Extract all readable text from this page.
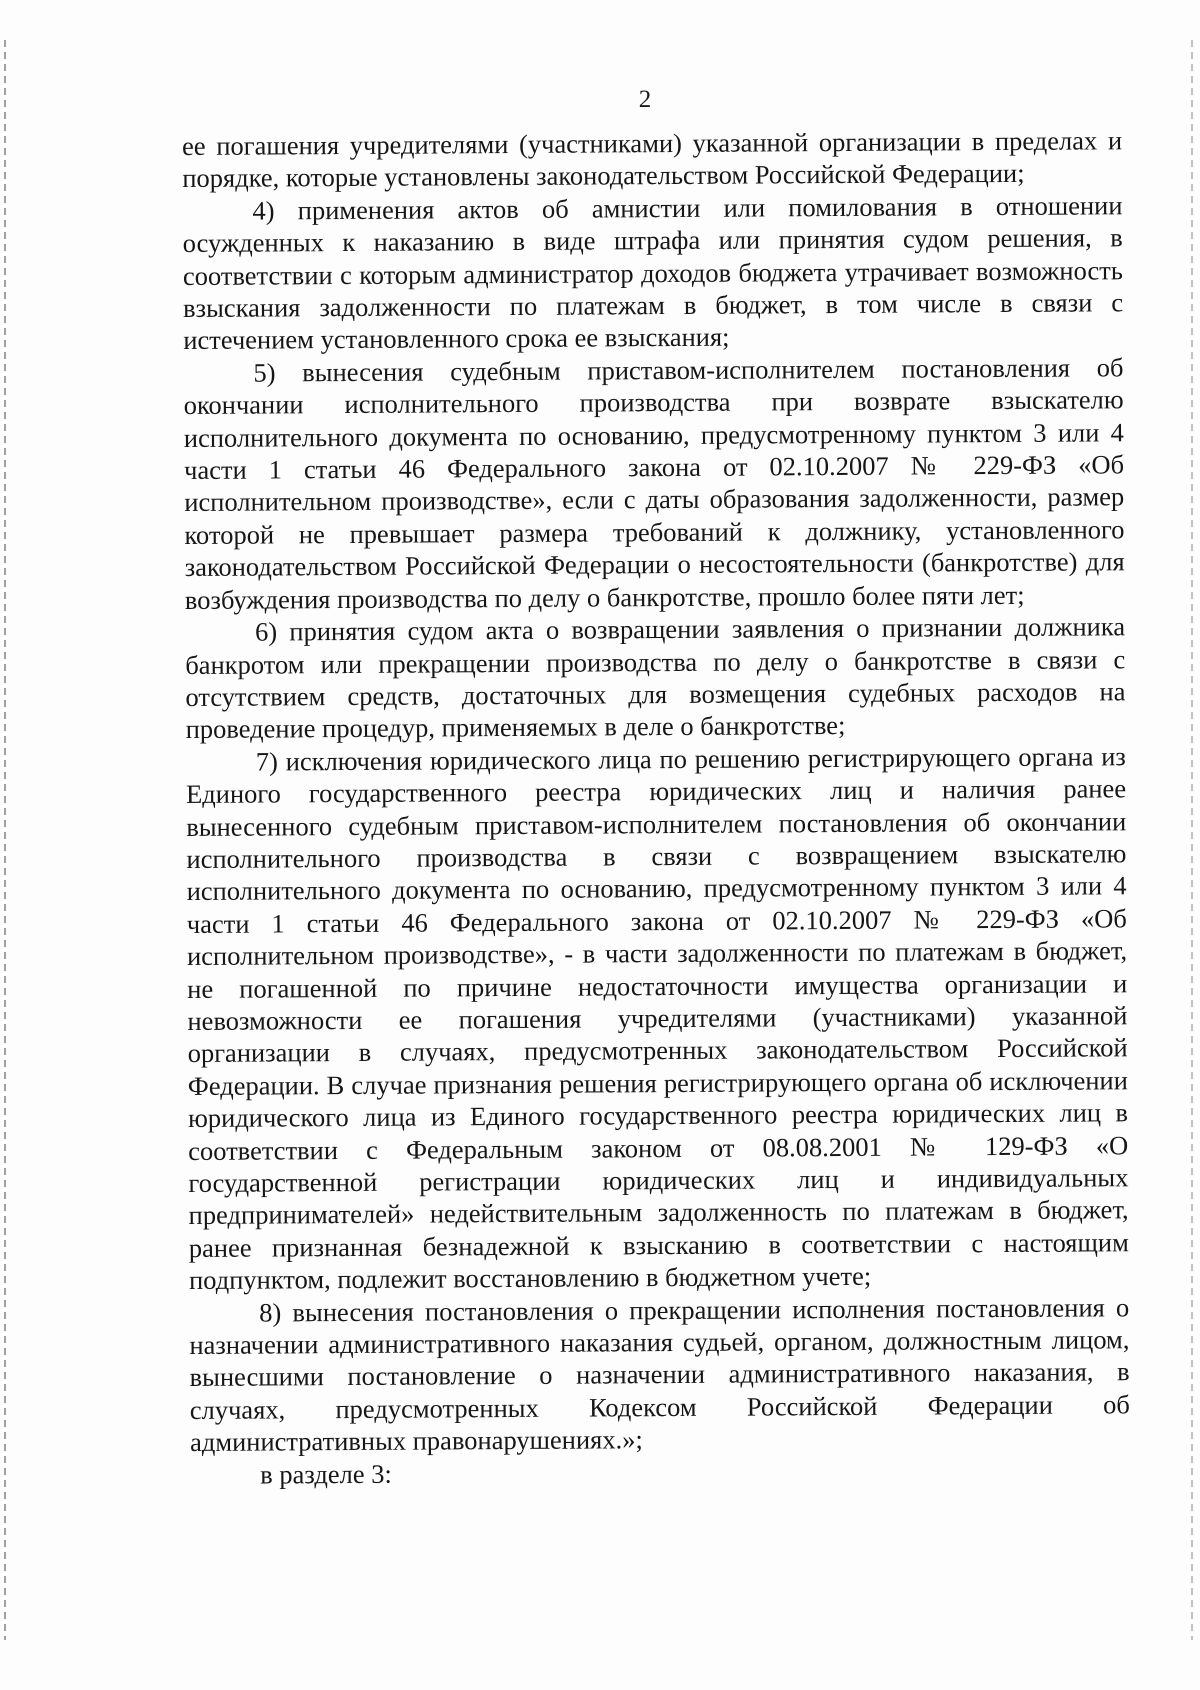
2

ее погашения учредителями (участниками) указанной организации в пределах и порядке, которые установлены законодательством Российской Федерации;

4) применения актов об амнистии или помилования в отношении осужденных к наказанию в виде штрафа или принятия судом решения, в соответствии с которым администратор доходов бюджета утрачивает возможность взыскания задолженности по платежам в бюджет, в том числе в связи с истечением установленного срока ее взыскания;

5) вынесения судебным приставом-исполнителем постановления об окончании исполнительного производства при возврате взыскателю исполнительного документа по основанию, предусмотренному пунктом 3 или 4 части 1 статьи 46 Федерального закона от 02.10.2007 № 229-ФЗ «Об исполнительном производстве», если с даты образования задолженности, размер которой не превышает размера требований к должнику, установленного законодательством Российской Федерации о несостоятельности (банкротстве) для возбуждения производства по делу о банкротстве, прошло более пяти лет;

6) принятия судом акта о возвращении заявления о признании должника банкротом или прекращении производства по делу о банкротстве в связи с отсутствием средств, достаточных для возмещения судебных расходов на проведение процедур, применяемых в деле о банкротстве;

7) исключения юридического лица по решению регистрирующего органа из Единого государственного реестра юридических лиц и наличия ранее вынесенного судебным приставом-исполнителем постановления об окончании исполнительного производства в связи с возвращением взыскателю исполнительного документа по основанию, предусмотренному пунктом 3 или 4 части 1 статьи 46 Федерального закона от 02.10.2007 № 229-ФЗ «Об исполнительном производстве», - в части задолженности по платежам в бюджет, не погашенной по причине недостаточности имущества организации и невозможности ее погашения учредителями (участниками) указанной организации в случаях, предусмотренных законодательством Российской Федерации. В случае признания решения регистрирующего органа об исключении юридического лица из Единого государственного реестра юридических лиц в соответствии с Федеральным законом от 08.08.2001 № 129-ФЗ «О государственной регистрации юридических лиц и индивидуальных предпринимателей» недействительным задолженность по платежам в бюджет, ранее признанная безнадежной к взысканию в соответствии с настоящим подпунктом, подлежит восстановлению в бюджетном учете;

8) вынесения постановления о прекращении исполнения постановления о назначении административного наказания судьей, органом, должностным лицом, вынесшими постановление о назначении административного наказания, в случаях, предусмотренных Кодексом Российской Федерации об административных правонарушениях.»;

в разделе 3:
